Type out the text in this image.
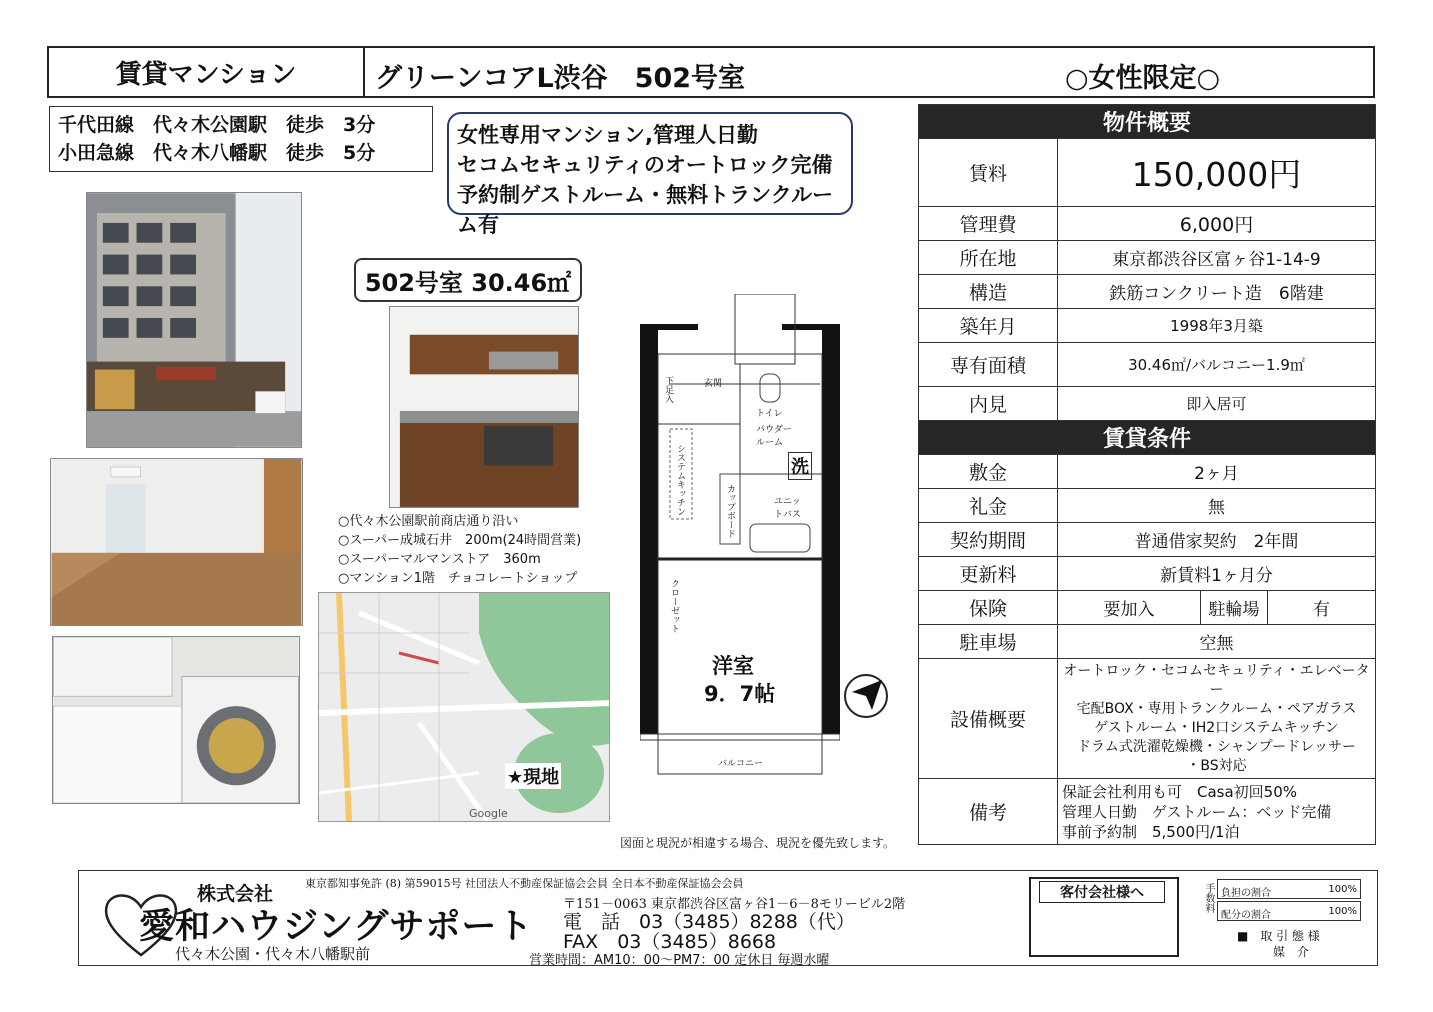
賃貸マンション	グリーンコアL渋谷　502号室	○女性限定○
千代田線　代々木公園駅　徒歩　3分
小田急線　代々木八幡駅　徒歩　5分
女性専用マンション,管理人日勤
セコムセキュリティのオートロック完備
予約制ゲストルーム・無料トランクルーム有
502号室 30.46㎡
○代々木公園駅前商店通り沿い
○スーパー成城石井　200m(24時間営業)
○スーパーマルマンストア　360m
○マンション1階　チョコレートショップ
★現地
Google
下足入	玄関
トイレ
パウダールーム
洗
システムキッチン	カップボード	ユニットバス
クローゼット
洋室
9．7帖
バルコニー
図面と現況が相違する場合、現況を優先致します。
物件概要			
賃料	150,000円		
管理費	6,000円		
所在地	東京都渋谷区富ヶ谷1-14-9		
構造	鉄筋コンクリート造　6階建		
築年月	1998年3月築		
専有面積	30.46㎡/バルコニー1.9㎡		
内見	即入居可		
賃貸条件			
敷金	2ヶ月		
礼金	無		
契約期間	普通借家契約　2年間		
更新料	新賃料1ヶ月分		
保険	要加入	駐輪場	有
駐車場	空無		
設備概要	オートロック・セコムセキュリティ・エレベーター
宅配BOX・専用トランクルーム・ペアガラス
ゲストルーム・IH2口システムキッチン
ドラム式洗濯乾燥機・シャンプードレッサー
・BS対応		

備考	保証会社利用も可　Casa初回50%
管理人日勤　ゲストルーム：ベッド完備
事前予約制　5,500円/1泊		
東京都知事免許 (8) 第59015号 社団法人不動産保証協会会員 全日本不動産保証協会会員
株式会社
愛和ハウジングサポート
代々木公園・代々木八幡駅前
〒151－0063 東京都渋谷区富ヶ谷1－6－8モリービル2階
電　話　03（3485）8288（代）
FAX　03（3485）8668
営業時間：AM10：00～PM7：00 定休日 毎週水曜
客付会社様へ	手数料 負担の割合	100%
配分の割合	100%
■　取 引 態 様
媒　介
